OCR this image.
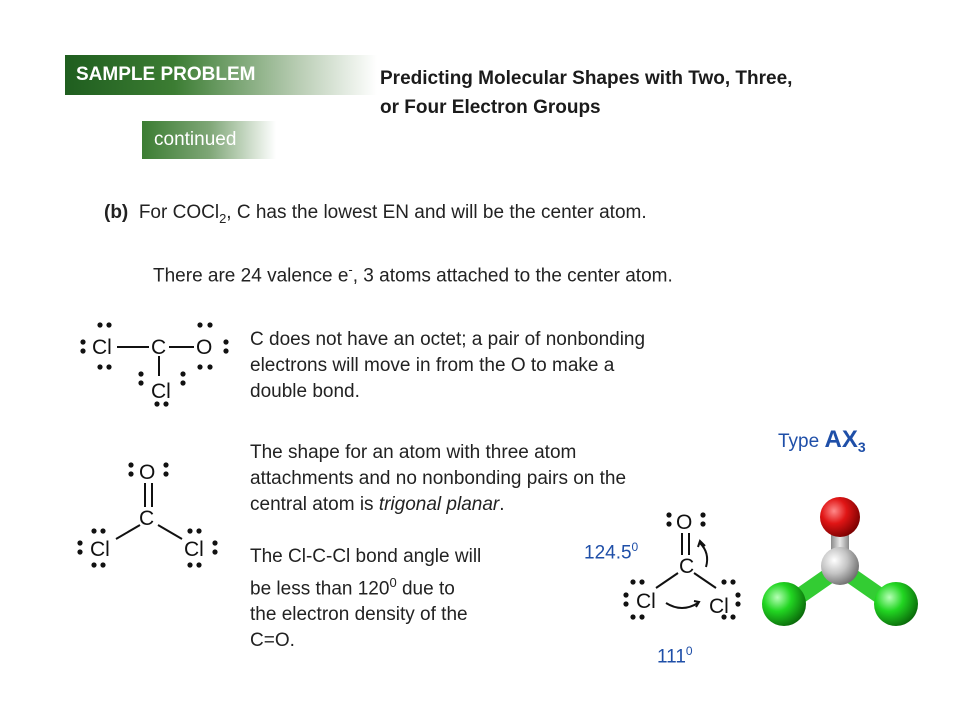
SAMPLE PROBLEM	Predicting Molecular Shapes with Two, Three,
or Four Electron Groups
continued
(b) For COCl$_2$, C has the lowest EN and will be the center atom.
There are 24 valence e-, 3 atoms attached to the center atom.
C does not have an octet; a pair of nonbonding
electrons will move in from the O to make a
double bond.
The shape for an atom with three atom
attachments and no nonbonding pairs on the
central atom is trigonal planar.
The Cl-C-Cl bond angle will
be less than $120^0$ due to
the electron density of the
C=O.
Type $AX_3$
124.5$^0$
$111^0$
Cl C O
Cl
O
C
Cl	Cl
O
C
Cl	Cl
